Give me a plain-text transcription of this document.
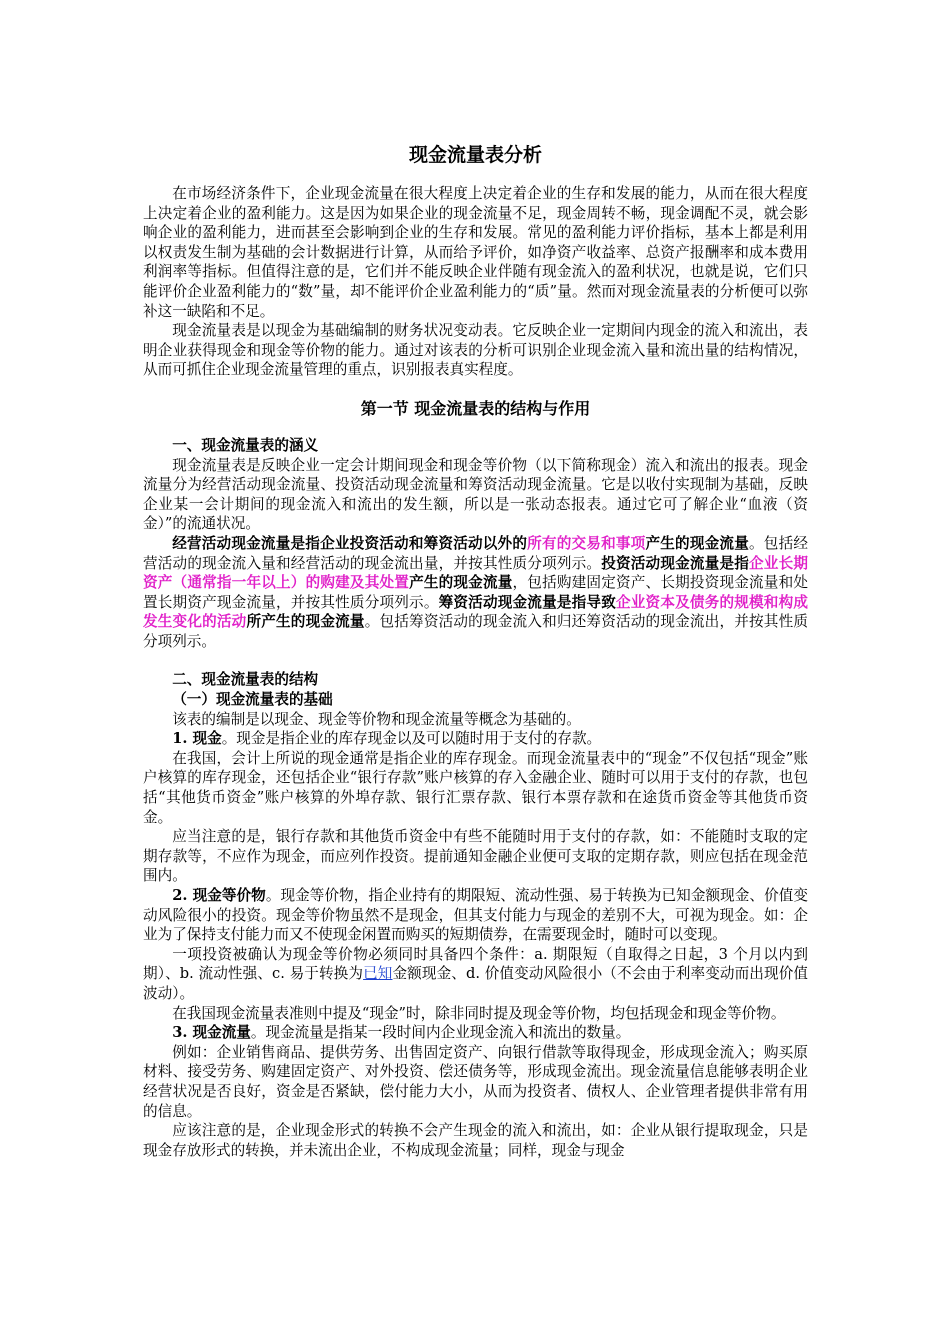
现金流量表分析

在市场经济条件下，企业现金流量在很大程度上决定着企业的生存和发展的能力，从而在很大程度上决定着企业的盈利能力。这是因为如果企业的现金流量不足，现金周转不畅，现金调配不灵，就会影响企业的盈利能力，进而甚至会影响到企业的生存和发展。常见的盈利能力评价指标，基本上都是利用以权责发生制为基础的会计数据进行计算，从而给予评价，如净资产收益率、总资产报酬率和成本费用利润率等指标。但值得注意的是，它们并不能反映企业伴随有现金流入的盈利状况，也就是说，它们只能评价企业盈利能力的“数”量，却不能评价企业盈利能力的“质”量。然而对现金流量表的分析便可以弥补这一缺陷和不足。

现金流量表是以现金为基础编制的财务状况变动表。它反映企业一定期间内现金的流入和流出，表明企业获得现金和现金等价物的能力。通过对该表的分析可识别企业现金流入量和流出量的结构情况，从而可抓住企业现金流量管理的重点，识别报表真实程度。

第一节 现金流量表的结构与作用

一、现金流量表的涵义

现金流量表是反映企业一定会计期间现金和现金等价物（以下简称现金）流入和流出的报表。现金流量分为经营活动现金流量、投资活动现金流量和筹资活动现金流量。它是以收付实现制为基础，反映企业某一会计期间的现金流入和流出的发生额，所以是一张动态报表。通过它可了解企业“血液（资金）”的流通状况。

经营活动现金流量是指企业投资活动和筹资活动以外的所有的交易和事项产生的现金流量。包括经营活动的现金流入量和经营活动的现金流出量，并按其性质分项列示。投资活动现金流量是指企业长期资产（通常指一年以上）的购建及其处置产生的现金流量，包括购建固定资产、长期投资现金流量和处置长期资产现金流量，并按其性质分项列示。筹资活动现金流量是指导致企业资本及债务的规模和构成发生变化的活动所产生的现金流量。包括筹资活动的现金流入和归还筹资活动的现金流出，并按其性质分项列示。

二、现金流量表的结构

（一）现金流量表的基础

该表的编制是以现金、现金等价物和现金流量等概念为基础的。

1. 现金。现金是指企业的库存现金以及可以随时用于支付的存款。

在我国，会计上所说的现金通常是指企业的库存现金。而现金流量表中的“现金”不仅包括“现金”账户核算的库存现金，还包括企业“银行存款”账户核算的存入金融企业、随时可以用于支付的存款，也包括“其他货币资金”账户核算的外埠存款、银行汇票存款、银行本票存款和在途货币资金等其他货币资金。

应当注意的是，银行存款和其他货币资金中有些不能随时用于支付的存款，如：不能随时支取的定期存款等，不应作为现金，而应列作投资。提前通知金融企业便可支取的定期存款，则应包括在现金范围内。

2. 现金等价物。现金等价物，指企业持有的期限短、流动性强、易于转换为已知金额现金、价值变动风险很小的投资。现金等价物虽然不是现金，但其支付能力与现金的差别不大，可视为现金。如：企业为了保持支付能力而又不使现金闲置而购买的短期债券，在需要现金时，随时可以变现。

一项投资被确认为现金等价物必须同时具备四个条件：a. 期限短（自取得之日起，3 个月以内到期）、b. 流动性强、c. 易于转换为已知金额现金、d. 价值变动风险很小（不会由于利率变动而出现价值波动）。

在我国现金流量表准则中提及“现金”时，除非同时提及现金等价物，均包括现金和现金等价物。

3. 现金流量。现金流量是指某一段时间内企业现金流入和流出的数量。

例如：企业销售商品、提供劳务、出售固定资产、向银行借款等取得现金，形成现金流入；购买原材料、接受劳务、购建固定资产、对外投资、偿还债务等，形成现金流出。现金流量信息能够表明企业经营状况是否良好，资金是否紧缺，偿付能力大小，从而为投资者、债权人、企业管理者提供非常有用的信息。

应该注意的是，企业现金形式的转换不会产生现金的流入和流出，如：企业从银行提取现金，只是现金存放形式的转换，并未流出企业，不构成现金流量；同样，现金与现金
